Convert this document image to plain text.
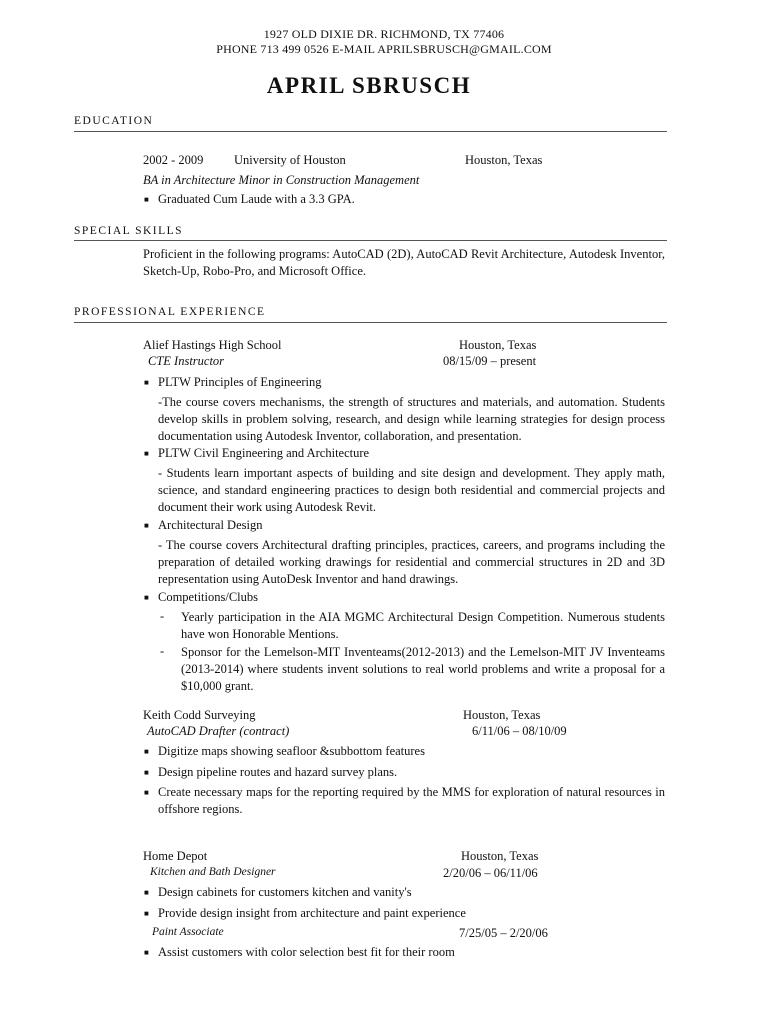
1927 OLD DIXIE DR. RICHMOND, TX 77406
PHONE 713 499 0526 E-MAIL APRILSBRUSCH@GMAIL.COM
APRIL SBRUSCH
EDUCATION
2002 - 2009 University of Houston	Houston, Texas
BA in Architecture Minor in Construction Management
■ Graduated Cum Laude with a 3.3 GPA.
SPECIAL SKILLS
Proficient in the following programs: AutoCAD (2D), AutoCAD Revit Architecture, Autodesk Inventor, Sketch-Up, Robo-Pro, and Microsoft Office.
PROFESSIONAL EXPERIENCE
Alief Hastings High School	Houston, Texas
CTE Instructor	08/15/09 – present
■ PLTW Principles of Engineering
-The course covers mechanisms, the strength of structures and materials, and automation. Students develop skills in problem solving, research, and design while learning strategies for design process documentation using Autodesk Inventor, collaboration, and presentation.
■ PLTW Civil Engineering and Architecture
- Students learn important aspects of building and site design and development. They apply math, science, and standard engineering practices to design both residential and commercial projects and document their work using Autodesk Revit.
■ Architectural Design
- The course covers Architectural drafting principles, practices, careers, and programs including the preparation of detailed working drawings for residential and commercial structures in 2D and 3D representation using AutoDesk Inventor and hand drawings.
■ Competitions/Clubs
- Yearly participation in the AIA MGMC Architectural Design Competition. Numerous students have won Honorable Mentions.
- Sponsor for the Lemelson-MIT Inventeams(2012-2013) and the Lemelson-MIT JV Inventeams (2013-2014) where students invent solutions to real world problems and write a proposal for a $10,000 grant.
Keith Codd Surveying	Houston, Texas
AutoCAD Drafter (contract)	6/11/06 – 08/10/09
■ Digitize maps showing seafloor &subbottom features
■ Design pipeline routes and hazard survey plans.
■ Create necessary maps for the reporting required by the MMS for exploration of natural resources in offshore regions.
Home Depot	Houston, Texas
Kitchen and Bath Designer	2/20/06 – 06/11/06
■ Design cabinets for customers kitchen and vanity's
■ Provide design insight from architecture and paint experience
Paint Associate	7/25/05 – 2/20/06
■ Assist customers with color selection best fit for their room
